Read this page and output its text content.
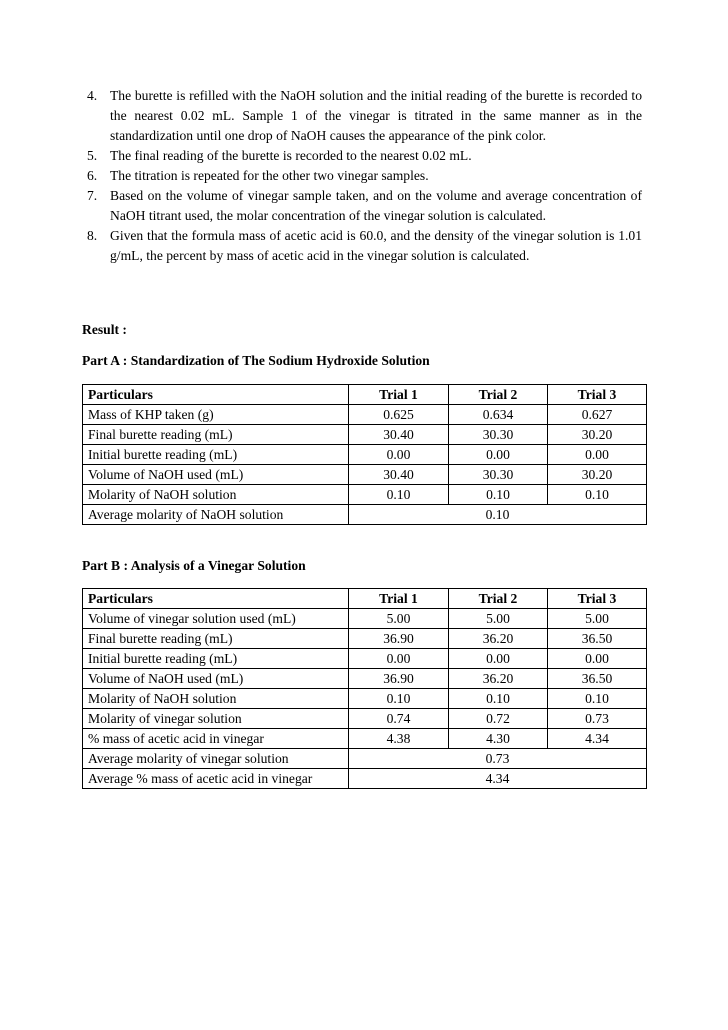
4. The burette is refilled with the NaOH solution and the initial reading of the burette is recorded to the nearest 0.02 mL. Sample 1 of the vinegar is titrated in the same manner as in the standardization until one drop of NaOH causes the appearance of the pink color.
5. The final reading of the burette is recorded to the nearest 0.02 mL.
6. The titration is repeated for the other two vinegar samples.
7. Based on the volume of vinegar sample taken, and on the volume and average concentration of NaOH titrant used, the molar concentration of the vinegar solution is calculated.
8. Given that the formula mass of acetic acid is 60.0, and the density of the vinegar solution is 1.01 g/mL, the percent by mass of acetic acid in the vinegar solution is calculated.
Result :
Part A : Standardization of The Sodium Hydroxide Solution
Particulars	Trial 1	Trial 2	Trial 3
Mass of KHP taken (g)	0.625	0.634	0.627
Final burette reading (mL)	30.40	30.30	30.20
Initial burette reading (mL)	0.00	0.00	0.00
Volume of NaOH used (mL)	30.40	30.30	30.20
Molarity of NaOH solution	0.10	0.10	0.10
Average molarity of NaOH solution	0.10		
Part B : Analysis of a Vinegar Solution
Particulars	Trial 1	Trial 2	Trial 3
Volume of vinegar solution used (mL)	5.00	5.00	5.00
Final burette reading (mL)	36.90	36.20	36.50
Initial burette reading (mL)	0.00	0.00	0.00
Volume of NaOH used (mL)	36.90	36.20	36.50
Molarity of NaOH solution	0.10	0.10	0.10
Molarity of vinegar solution	0.74	0.72	0.73
% mass of acetic acid in vinegar	4.38	4.30	4.34
Average molarity of vinegar solution	0.73		
Average % mass of acetic acid in vinegar	4.34		
